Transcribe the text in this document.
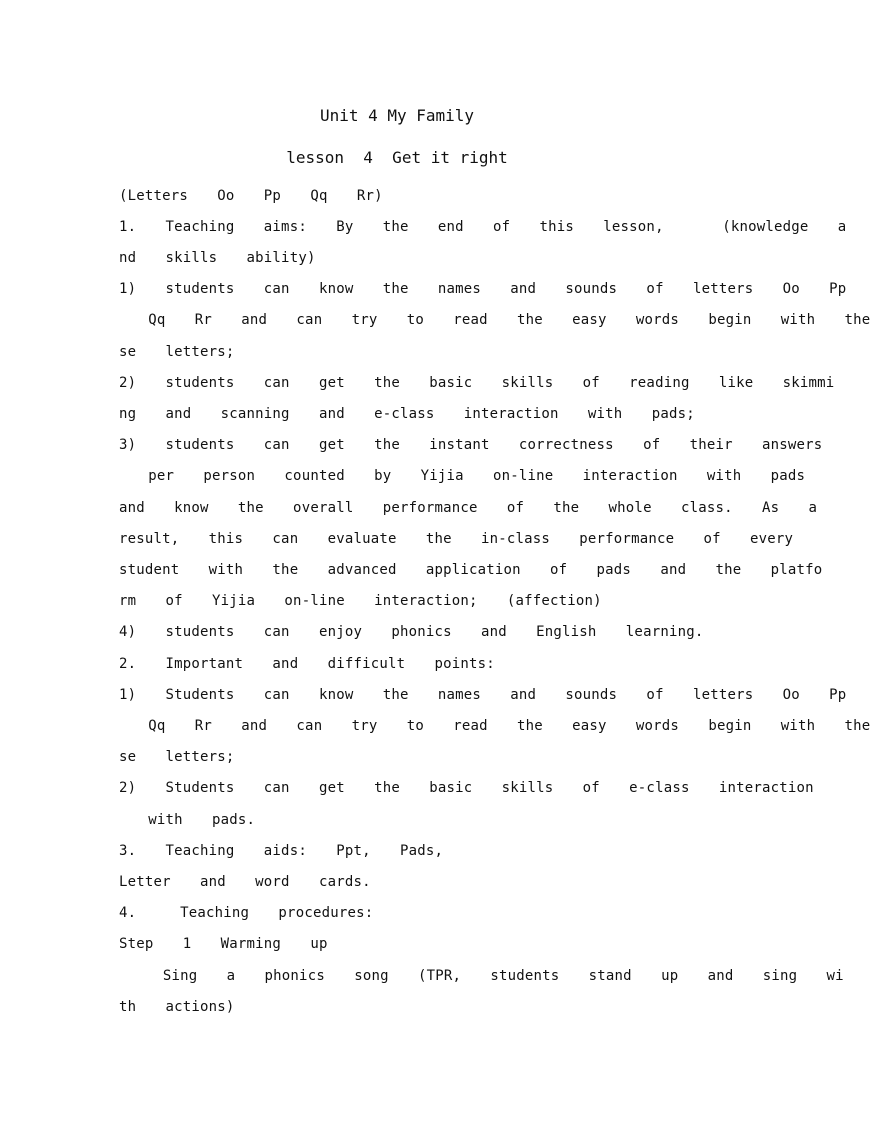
Unit 4 My Family
lesson  4  Get it right
(Letters  Oo  Pp  Qq  Rr)
1.  Teaching  aims:  By  the  end  of  this  lesson,    (knowledge  a
nd  skills  ability)
1)  students  can  know  the  names  and  sounds  of  letters  Oo  Pp
Qq  Rr  and  can  try  to  read  the  easy  words  begin  with  the
se  letters;
2)  students  can  get  the  basic  skills  of  reading  like  skimmi
ng  and  scanning  and  e-class  interaction  with  pads;
3)  students  can  get  the  instant  correctness  of  their  answers
per  person  counted  by  Yijia  on-line  interaction  with  pads
and  know  the  overall  performance  of  the  whole  class.  As  a
result,  this  can  evaluate  the  in-class  performance  of  every
student  with  the  advanced  application  of  pads  and  the  platfo
rm  of  Yijia  on-line  interaction;  (affection)
4)  students  can  enjoy  phonics  and  English  learning.
2.  Important  and  difficult  points:
1)  Students  can  know  the  names  and  sounds  of  letters  Oo  Pp
Qq  Rr  and  can  try  to  read  the  easy  words  begin  with  the
se  letters;
2)  Students  can  get  the  basic  skills  of  e-class  interaction
with  pads.
3.  Teaching  aids:  Ppt,  Pads,
Letter  and  word  cards.
4.   Teaching  procedures:
Step  1  Warming  up
Sing  a  phonics  song  (TPR,  students  stand  up  and  sing  wi
th  actions)
